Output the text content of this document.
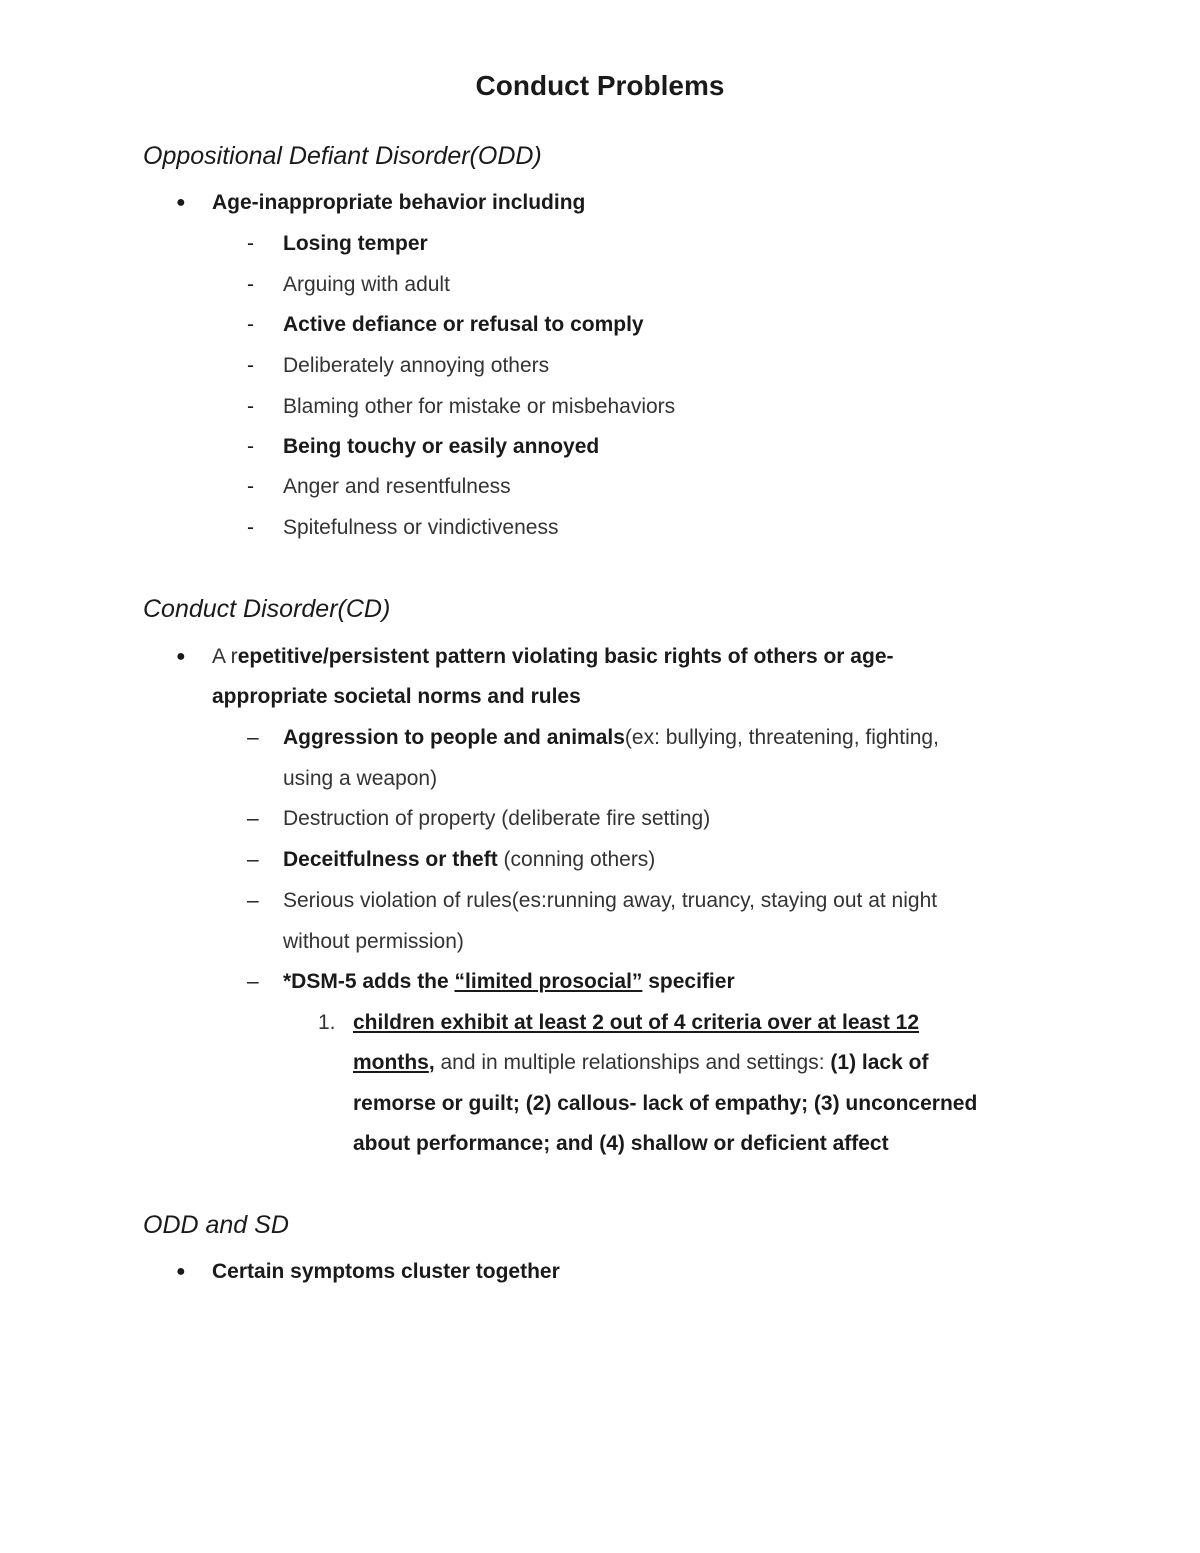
Conduct Problems
Oppositional Defiant Disorder(ODD)
● Age-inappropriate behavior including
- Losing temper
- Arguing with adult
- Active defiance or refusal to comply
- Deliberately annoying others
- Blaming other for mistake or misbehaviors
- Being touchy or easily annoyed
- Anger and resentfulness
- Spitefulness or vindictiveness
Conduct Disorder(CD)
● A repetitive/persistent pattern violating basic rights of others or age-
appropriate societal norms and rules
– Aggression to people and animals(ex: bullying, threatening, fighting,
using a weapon)
– Destruction of property (deliberate fire setting)
– Deceitfulness or theft (conning others)
– Serious violation of rules(es:running away, truancy, staying out at night
without permission)
– *DSM-5 adds the “limited prosocial” specifier
1. children exhibit at least 2 out of 4 criteria over at least 12
months, and in multiple relationships and settings: (1) lack of
remorse or guilt; (2) callous- lack of empathy; (3) unconcerned
about performance; and (4) shallow or deficient affect
ODD and SD
● Certain symptoms cluster together
